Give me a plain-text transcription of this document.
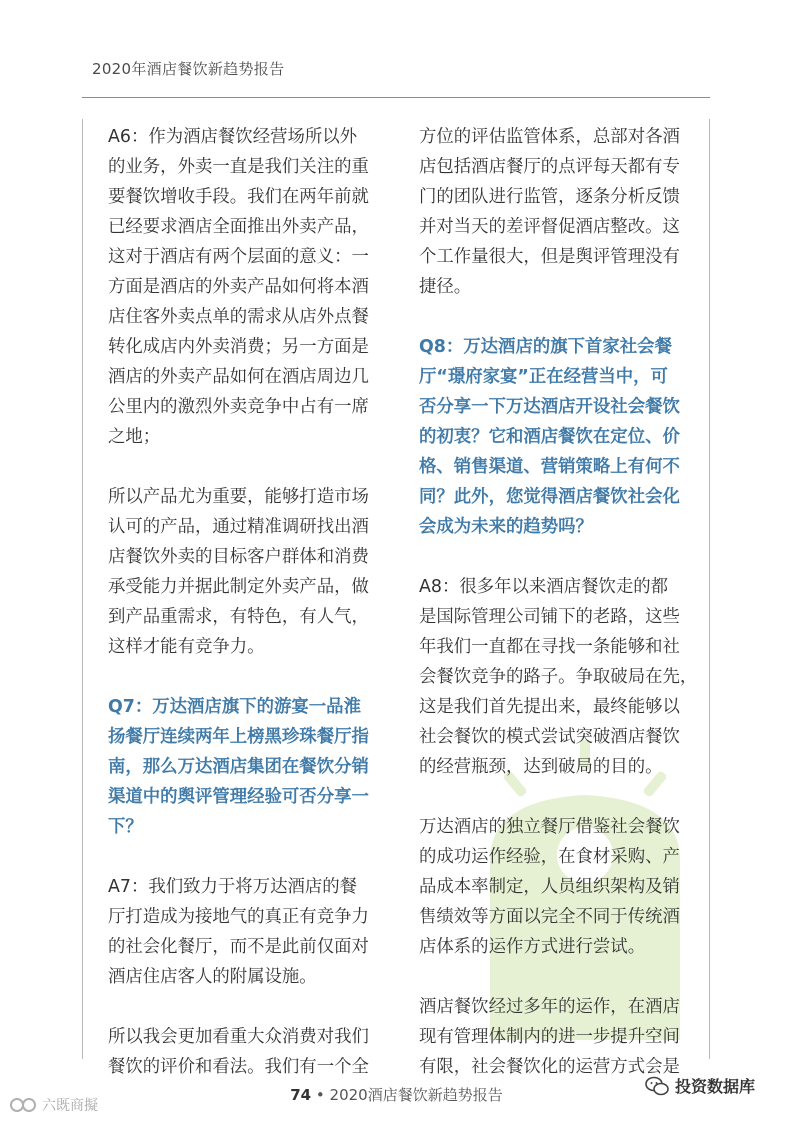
2020年酒店餐饮新趋势报告

A6：作为酒店餐饮经营场所以外
的业务，外卖一直是我们关注的重
要餐饮增收手段。我们在两年前就
已经要求酒店全面推出外卖产品，
这对于酒店有两个层面的意义：一
方面是酒店的外卖产品如何将本酒
店住客外卖点单的需求从店外点餐
转化成店内外卖消费；另一方面是
酒店的外卖产品如何在酒店周边几
公里内的激烈外卖竞争中占有一席
之地；

所以产品尤为重要，能够打造市场
认可的产品，通过精准调研找出酒
店餐饮外卖的目标客户群体和消费
承受能力并据此制定外卖产品，做
到产品重需求，有特色，有人气，
这样才能有竞争力。

Q7：万达酒店旗下的游宴一品淮
扬餐厅连续两年上榜黑珍珠餐厅指
南，那么万达酒店集团在餐饮分销
渠道中的舆评管理经验可否分享一
下？

A7：我们致力于将万达酒店的餐
厅打造成为接地气的真正有竞争力
的社会化餐厅，而不是此前仅面对
酒店住店客人的附属设施。

所以我会更加看重大众消费对我们
餐饮的评价和看法。我们有一个全

方位的评估监管体系，总部对各酒
店包括酒店餐厅的点评每天都有专
门的团队进行监管，逐条分析反馈
并对当天的差评督促酒店整改。这
个工作量很大，但是舆评管理没有
捷径。

Q8：万达酒店的旗下首家社会餐
厅“璟府家宴”正在经营当中，可
否分享一下万达酒店开设社会餐饮
的初衷？它和酒店餐饮在定位、价
格、销售渠道、营销策略上有何不
同？此外，您觉得酒店餐饮社会化
会成为未来的趋势吗？

A8：很多年以来酒店餐饮走的都
是国际管理公司铺下的老路，这些
年我们一直都在寻找一条能够和社
会餐饮竞争的路子。争取破局在先，
这是我们首先提出来，最终能够以
社会餐饮的模式尝试突破酒店餐饮
的经营瓶颈，达到破局的目的。

万达酒店的独立餐厅借鉴社会餐饮
的成功运作经验，在食材采购、产
品成本率制定，人员组织架构及销
售绩效等方面以完全不同于传统酒
店体系的运作方式进行尝试。

酒店餐饮经过多年的运作，在酒店
现有管理体制内的进一步提升空间
有限，社会餐饮化的运营方式会是

74 • 2020酒店餐饮新趋势报告
六既商擬
投资数据库
